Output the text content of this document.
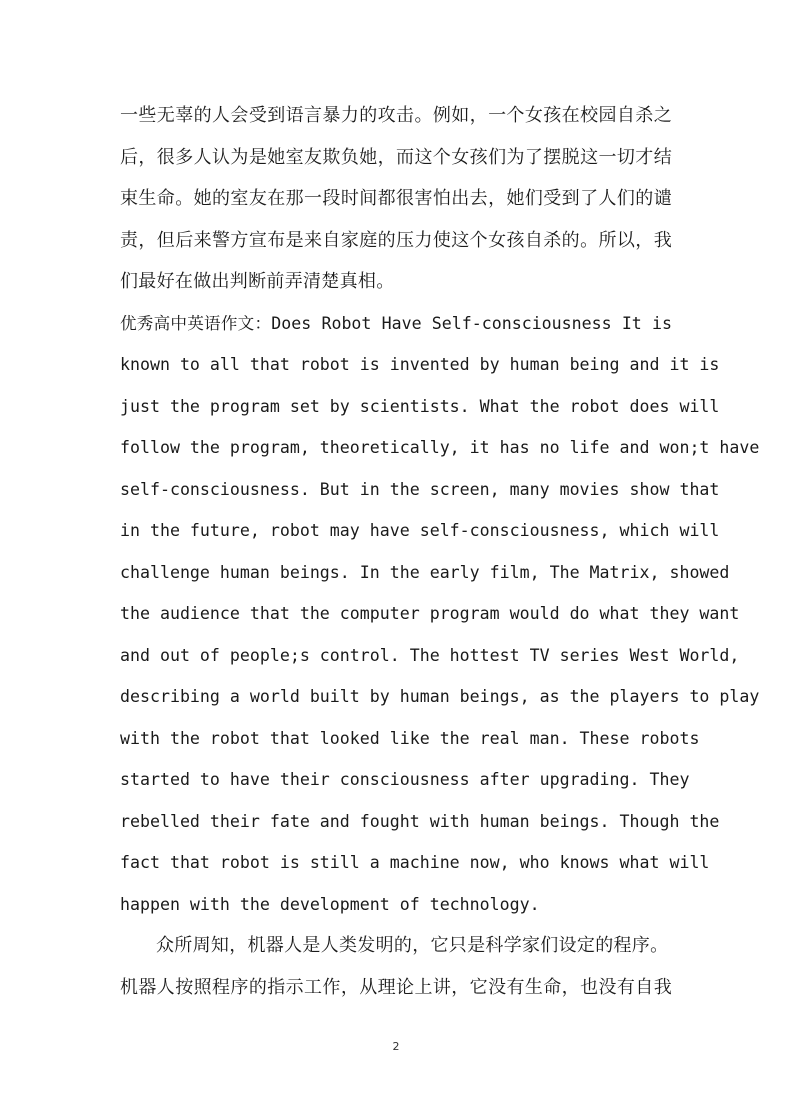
一些无辜的人会受到语言暴力的攻击。例如，一个女孩在校园自杀之
后，很多人认为是她室友欺负她，而这个女孩们为了摆脱这一切才结
束生命。她的室友在那一段时间都很害怕出去，她们受到了人们的谴
责，但后来警方宣布是来自家庭的压力使这个女孩自杀的。所以，我
们最好在做出判断前弄清楚真相。
优秀高中英语作文：Does Robot Have Self-consciousness It is
known to all that robot is invented by human being and it is
just the program set by scientists. What the robot does will
follow the program, theoretically, it has no life and won;t have
self-consciousness. But in the screen, many movies show that
in the future, robot may have self-consciousness, which will
challenge human beings. In the early film, The Matrix, showed
the audience that the computer program would do what they want
and out of people;s control. The hottest TV series West World,
describing a world built by human beings, as the players to play
with the robot that looked like the real man. These robots
started to have their consciousness after upgrading. They
rebelled their fate and fought with human beings. Though the
fact that robot is still a machine now, who knows what will
happen with the development of technology.
众所周知，机器人是人类发明的，它只是科学家们设定的程序。
机器人按照程序的指示工作，从理论上讲，它没有生命，也没有自我
2
